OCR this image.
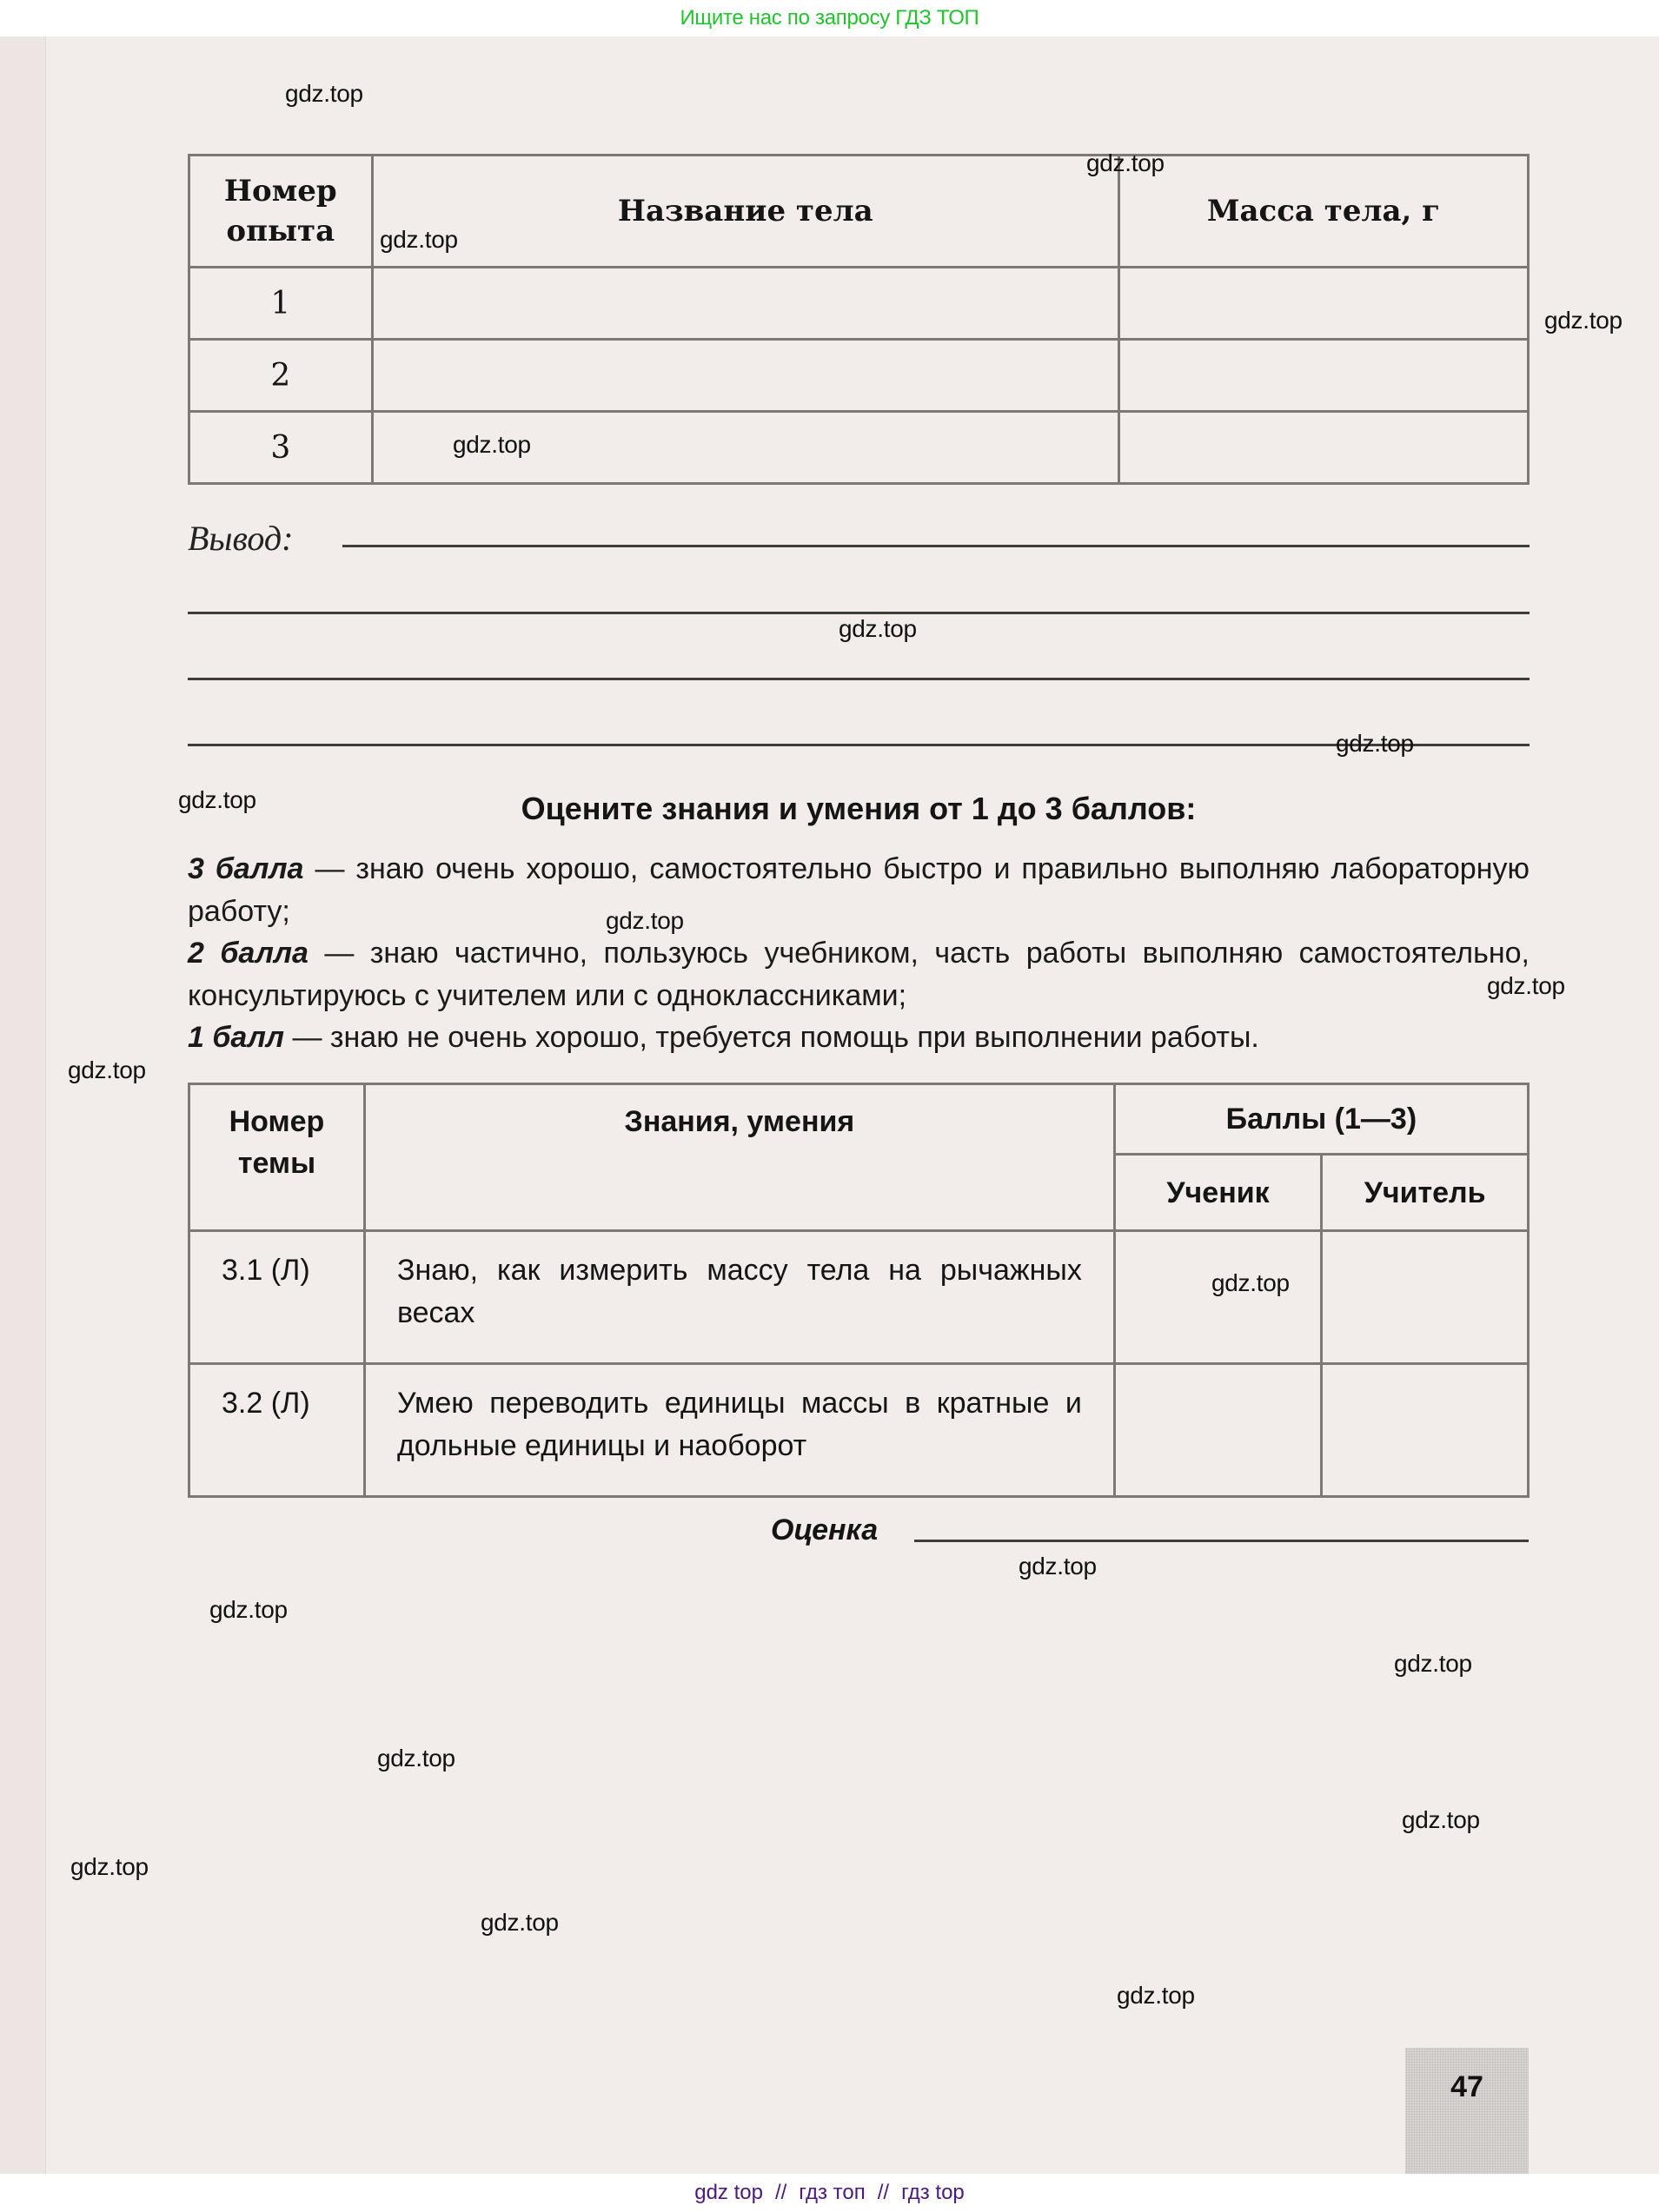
Ищите нас по запросу ГДЗ ТОП
Номер опыта	Название тела	Масса тела, г
1		
2		
3		
Вывод:
Оцените знания и умения от 1 до 3 баллов:

3 балла — знаю очень хорошо, самостоятельно быстро и правильно выполняю лабораторную работу;

2 балла — знаю частично, пользуюсь учебником, часть работы выполняю самостоятельно, консультируюсь с учителем или с одноклассниками;

1 балл — знаю не очень хорошо, требуется помощь при выполнении работы.

Номер темы	Знания, умения	Баллы (1—3)	
		Ученик	Учитель
3.1 (Л)	Знаю, как измерить массу тела на рычажных весах		
3.2 (Л)	Умею переводить единицы массы в кратные и дольные единицы и наоборот		
Оценка
47
gdz.top
gdz.top
gdz.top
gdz.top
gdz.top
gdz.top
gdz.top
gdz.top
gdz.top
gdz.top
gdz.top
gdz.top
gdz.top
gdz.top
gdz.top
gdz.top
gdz.top
gdz.top
gdz.top
gdz.top
gdz top // гдз топ // гдз top
